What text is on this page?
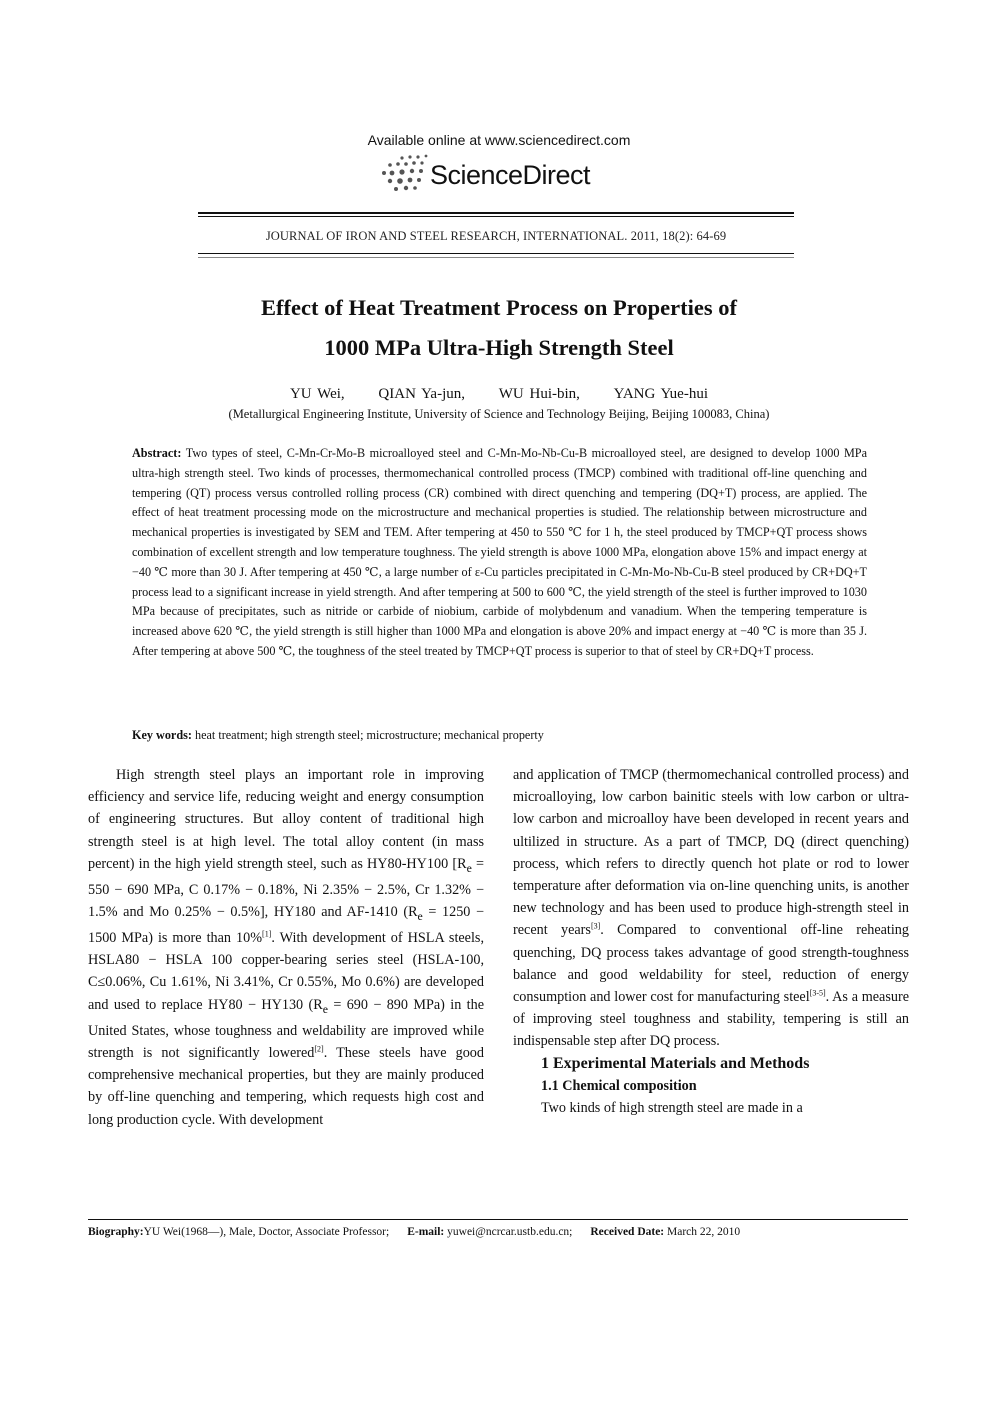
Available online at www.sciencedirect.com
ScienceDirect
JOURNAL OF IRON AND STEEL RESEARCH, INTERNATIONAL. 2011, 18(2): 64-69
Effect of Heat Treatment Process on Properties of
1000 MPa Ultra-High Strength Steel
YU Wei, QIAN Ya-jun, WU Hui-bin, YANG Yue-hui
(Metallurgical Engineering Institute, University of Science and Technology Beijing, Beijing 100083, China)

Abstract: Two types of steel, C-Mn-Cr-Mo-B microalloyed steel and C-Mn-Mo-Nb-Cu-B microalloyed steel, are designed to develop 1000 MPa ultra-high strength steel. Two kinds of processes, thermomechanical controlled process (TMCP) combined with traditional off-line quenching and tempering (QT) process versus controlled rolling process (CR) combined with direct quenching and tempering (DQ+T) process, are applied. The effect of heat treatment processing mode on the microstructure and mechanical properties is studied. The relationship between microstructure and mechanical properties is investigated by SEM and TEM. After tempering at 450 to 550 ℃ for 1 h, the steel produced by TMCP+QT process shows combination of excellent strength and low temperature toughness. The yield strength is above 1000 MPa, elongation above 15% and impact energy at −40 ℃ more than 30 J. After tempering at 450 ℃, a large number of ε-Cu particles precipitated in C-Mn-Mo-Nb-Cu-B steel produced by CR+DQ+T process lead to a significant increase in yield strength. And after tempering at 500 to 600 ℃, the yield strength of the steel is further improved to 1030 MPa because of precipitates, such as nitride or carbide of niobium, carbide of molybdenum and vanadium. When the tempering temperature is increased above 620 ℃, the yield strength is still higher than 1000 MPa and elongation is above 20% and impact energy at −40 ℃ is more than 35 J. After tempering at above 500 ℃, the toughness of the steel treated by TMCP+QT process is superior to that of steel by CR+DQ+T process.

Key words: heat treatment; high strength steel; microstructure; mechanical property

High strength steel plays an important role in improving efficiency and service life, reducing weight and energy consumption of engineering structures. But alloy content of traditional high strength steel is at high level. The total alloy content (in mass percent) in the high yield strength steel, such as HY80-HY100 [$R_e = 550 - 690$ MPa, C 0.17% − 0.18%, Ni 2.35% − 2.5%, Cr 1.32% − 1.5% and Mo 0.25% − 0.5%], HY180 and AF-1410 ($R_e = 1250 - 1500$ MPa) is more than 10%[1]. With development of HSLA steels, HSLA80 − HSLA 100 copper-bearing series steel (HSLA-100, C≤0.06%, Cu 1.61%, Ni 3.41%, Cr 0.55%, Mo 0.6%) are developed and used to replace HY80 − HY130 ($R_e = 690 - 890$ MPa) in the United States, whose toughness and weldability are improved while strength is not significantly lowered[2]. These steels have good comprehensive mechanical properties, but they are mainly produced by off-line quenching and tempering, which requests high cost and long production cycle. With development

and application of TMCP (thermomechanical controlled process) and microalloying, low carbon bainitic steels with low carbon or ultra-low carbon and microalloy have been developed in recent years and ultilized in structure. As a part of TMCP, DQ (direct quenching) process, which refers to directly quench hot plate or rod to lower temperature after deformation via on-line quenching units, is another new technology and has been used to produce high-strength steel in recent years[3]. Compared to conventional off-line reheating quenching, DQ process takes advantage of good strength-toughness balance and good weldability for steel, reduction of energy consumption and lower cost for manufacturing steel[3-5]. As a measure of improving steel toughness and stability, tempering is still an indispensable step after DQ process.

1 Experimental Materials and Methods

1.1 Chemical composition

Two kinds of high strength steel are made in a

Biography:YU Wei(1968—), Male, Doctor, Associate Professor; E-mail: yuwei@ncrcar.ustb.edu.cn; Received Date: March 22, 2010
